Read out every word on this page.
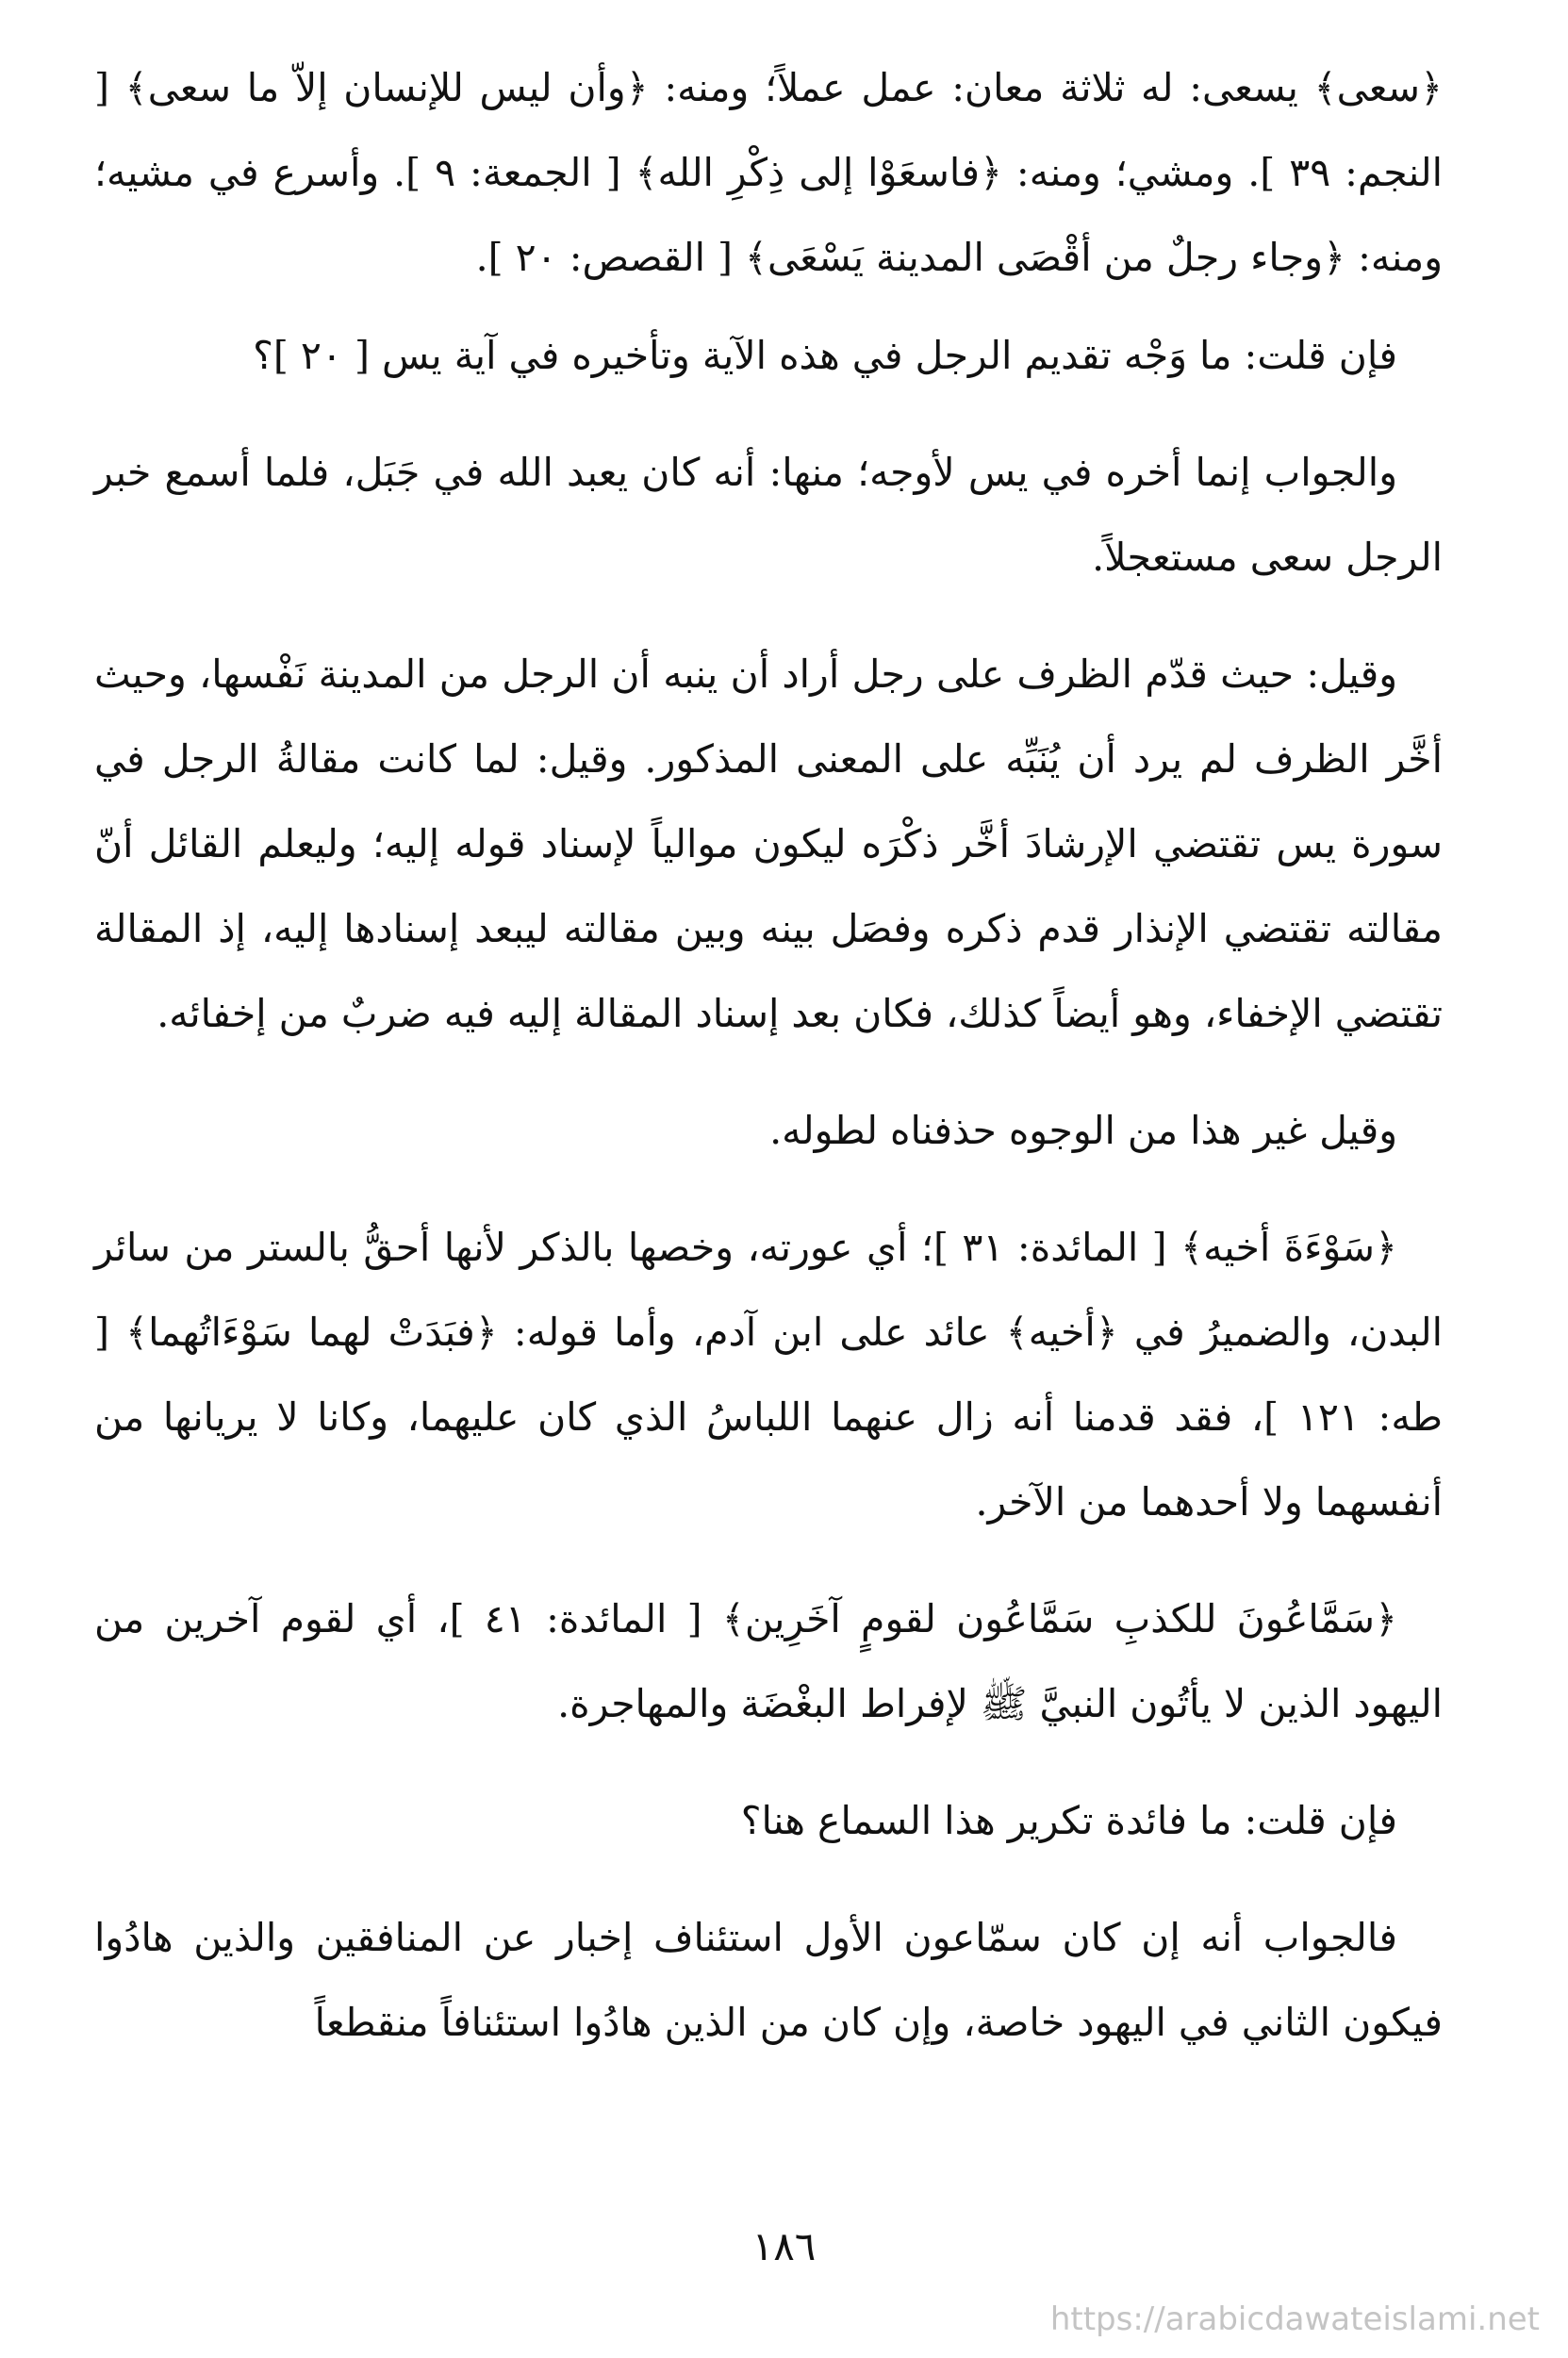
﴿سعى﴾ يسعى: له ثلاثة معان: عمل عملاً؛ ومنه: ﴿وأن ليس للإنسان إلاّ ما سعى﴾ [ النجم: ٣٩ ]. ومشي؛ ومنه: ﴿فاسعَوْا إلى ذِكْرِ الله﴾ [ الجمعة: ٩ ]. وأسرع في مشيه؛ ومنه: ﴿وجاء رجلٌ من أقْصَى المدينة يَسْعَى﴾ [ القصص: ٢٠ ].

فإن قلت: ما وَجْه تقديم الرجل في هذه الآية وتأخيره في آية يس [ ٢٠ ]؟

والجواب إنما أخره في يس لأوجه؛ منها: أنه كان يعبد الله في جَبَل، فلما أسمع خبر الرجل سعى مستعجلاً.

وقيل: حيث قدّم الظرف على رجل أراد أن ينبه أن الرجل من المدينة نَفْسها، وحيث أخَّر الظرف لم يرد أن يُنَبِّه على المعنى المذكور. وقيل: لما كانت مقالةُ الرجل في سورة يس تقتضي الإرشادَ أخَّر ذكْرَه ليكون موالياً لإسناد قوله إليه؛ وليعلم القائل أنّ مقالته تقتضي الإنذار قدم ذكره وفصَل بينه وبين مقالته ليبعد إسنادها إليه، إذ المقالة تقتضي الإخفاء، وهو أيضاً كذلك، فكان بعد إسناد المقالة إليه فيه ضربٌ من إخفائه.

وقيل غير هذا من الوجوه حذفناه لطوله.

﴿سَوْءَةَ أخيه﴾ [ المائدة: ٣١ ]؛ أي عورته، وخصها بالذكر لأنها أحقُّ بالستر من سائر البدن، والضميرُ في ﴿أخيه﴾ عائد على ابن آدم، وأما قوله: ﴿فبَدَتْ لهما سَوْءَاتُهما﴾ [ طه: ١٢١ ]، فقد قدمنا أنه زال عنهما اللباسُ الذي كان عليهما، وكانا لا يريانها من أنفسهما ولا أحدهما من الآخر.

﴿سَمَّاعُونَ للكذبِ سَمَّاعُون لقومٍ آخَرِين﴾ [ المائدة: ٤١ ]، أي لقوم آخرين من اليهود الذين لا يأتُون النبيَّ ﷺ لإفراط البغْضَة والمهاجرة.

فإن قلت: ما فائدة تكرير هذا السماع هنا؟

فالجواب أنه إن كان سمّاعون الأول استئناف إخبار عن المنافقين والذين هادُوا فيكون الثاني في اليهود خاصة، وإن كان من الذين هادُوا استئنافاً منقطعاً

١٨٦
https://arabicdawateislami.net
